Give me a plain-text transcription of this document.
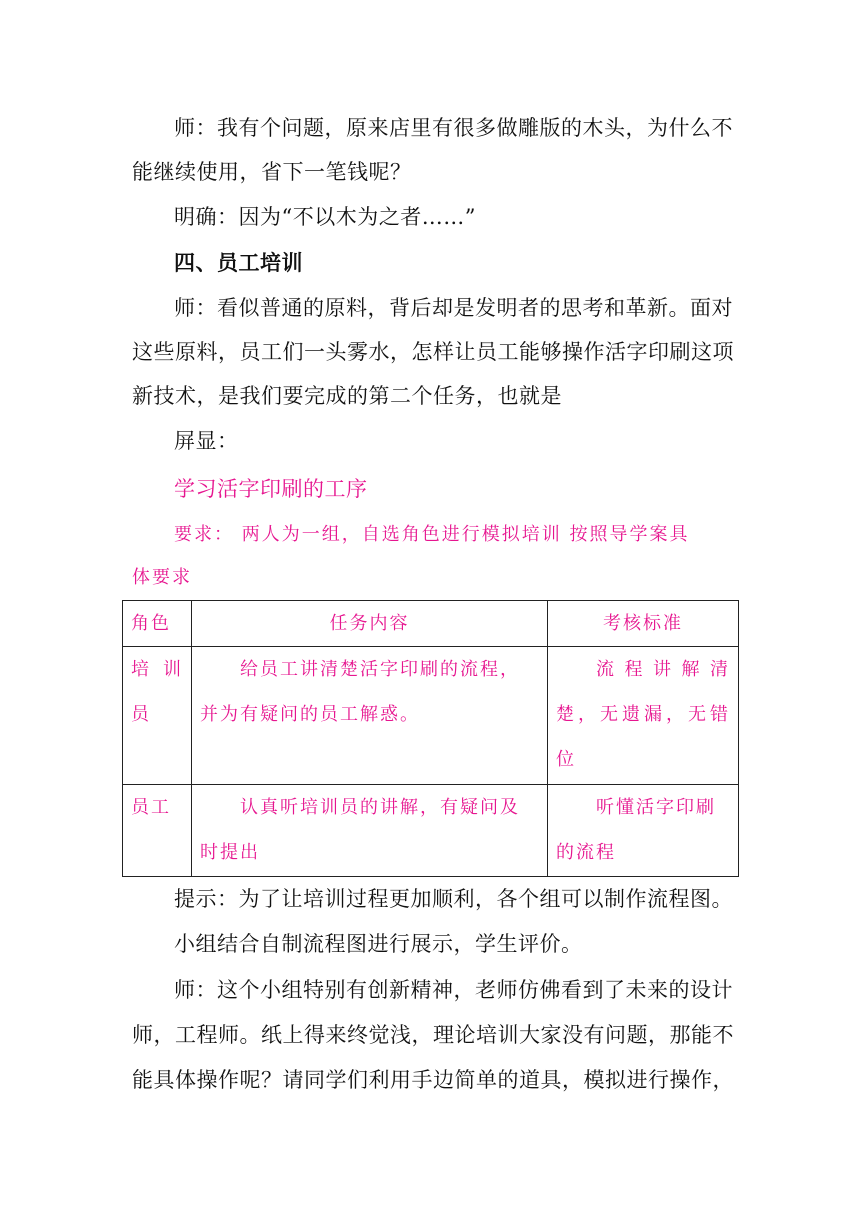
师：我有个问题，原来店里有很多做雕版的木头，为什么不
能继续使用，省下一笔钱呢？
明确：因为“不以木为之者……”
四、员工培训
师：看似普通的原料，背后却是发明者的思考和革新。面对
这些原料，员工们一头雾水，怎样让员工能够操作活字印刷这项
新技术，是我们要完成的第二个任务，也就是
屏显：
学习活字印刷的工序
要求： 两人为一组，自选角色进行模拟培训 按照导学案具
体要求
角色	任务内容	考核标准
培训员	给员工讲清楚活字印刷的流程，并为有疑问的员工解惑。	流程讲解清楚，无遗漏，无错位
员工	认真听培训员的讲解，有疑问及时提出	听懂活字印刷的流程
提示：为了让培训过程更加顺利，各个组可以制作流程图。
小组结合自制流程图进行展示，学生评价。
师：这个小组特别有创新精神，老师仿佛看到了未来的设计
师，工程师。纸上得来终觉浅，理论培训大家没有问题，那能不
能具体操作呢？请同学们利用手边简单的道具，模拟进行操作，
